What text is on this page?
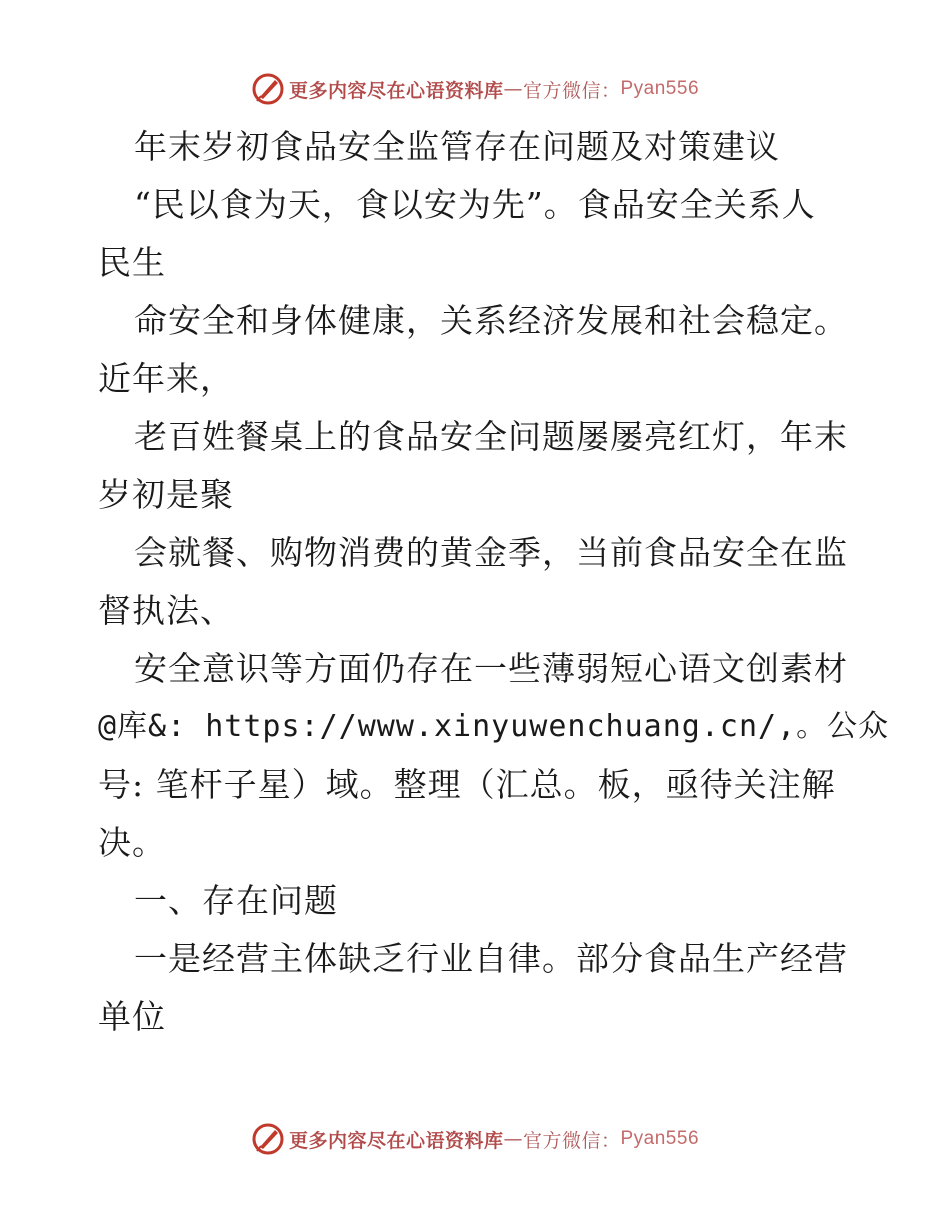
更多内容尽在心语资料库 — 官方微信： Pyan556
年末岁初食品安全监管存在问题及对策建议
“民以食为天，食以安为先”。食品安全关系人
民生
命安全和身体健康，关系经济发展和社会稳定。
近年来，
老百姓餐桌上的食品安全问题屡屡亮红灯，年末
岁初是聚
会就餐、购物消费的黄金季，当前食品安全在监
督执法、
安全意识等方面仍存在一些薄弱短心语文创素材
@库&: https://www.xinyuwenchuang.cn/,。公众
号: 笔杆子星）域。整理（汇总。板，亟待关注解
决。
一、存在问题
一是经营主体缺乏行业自律。部分食品生产经营
单位
更多内容尽在心语资料库 — 官方微信： Pyan556
